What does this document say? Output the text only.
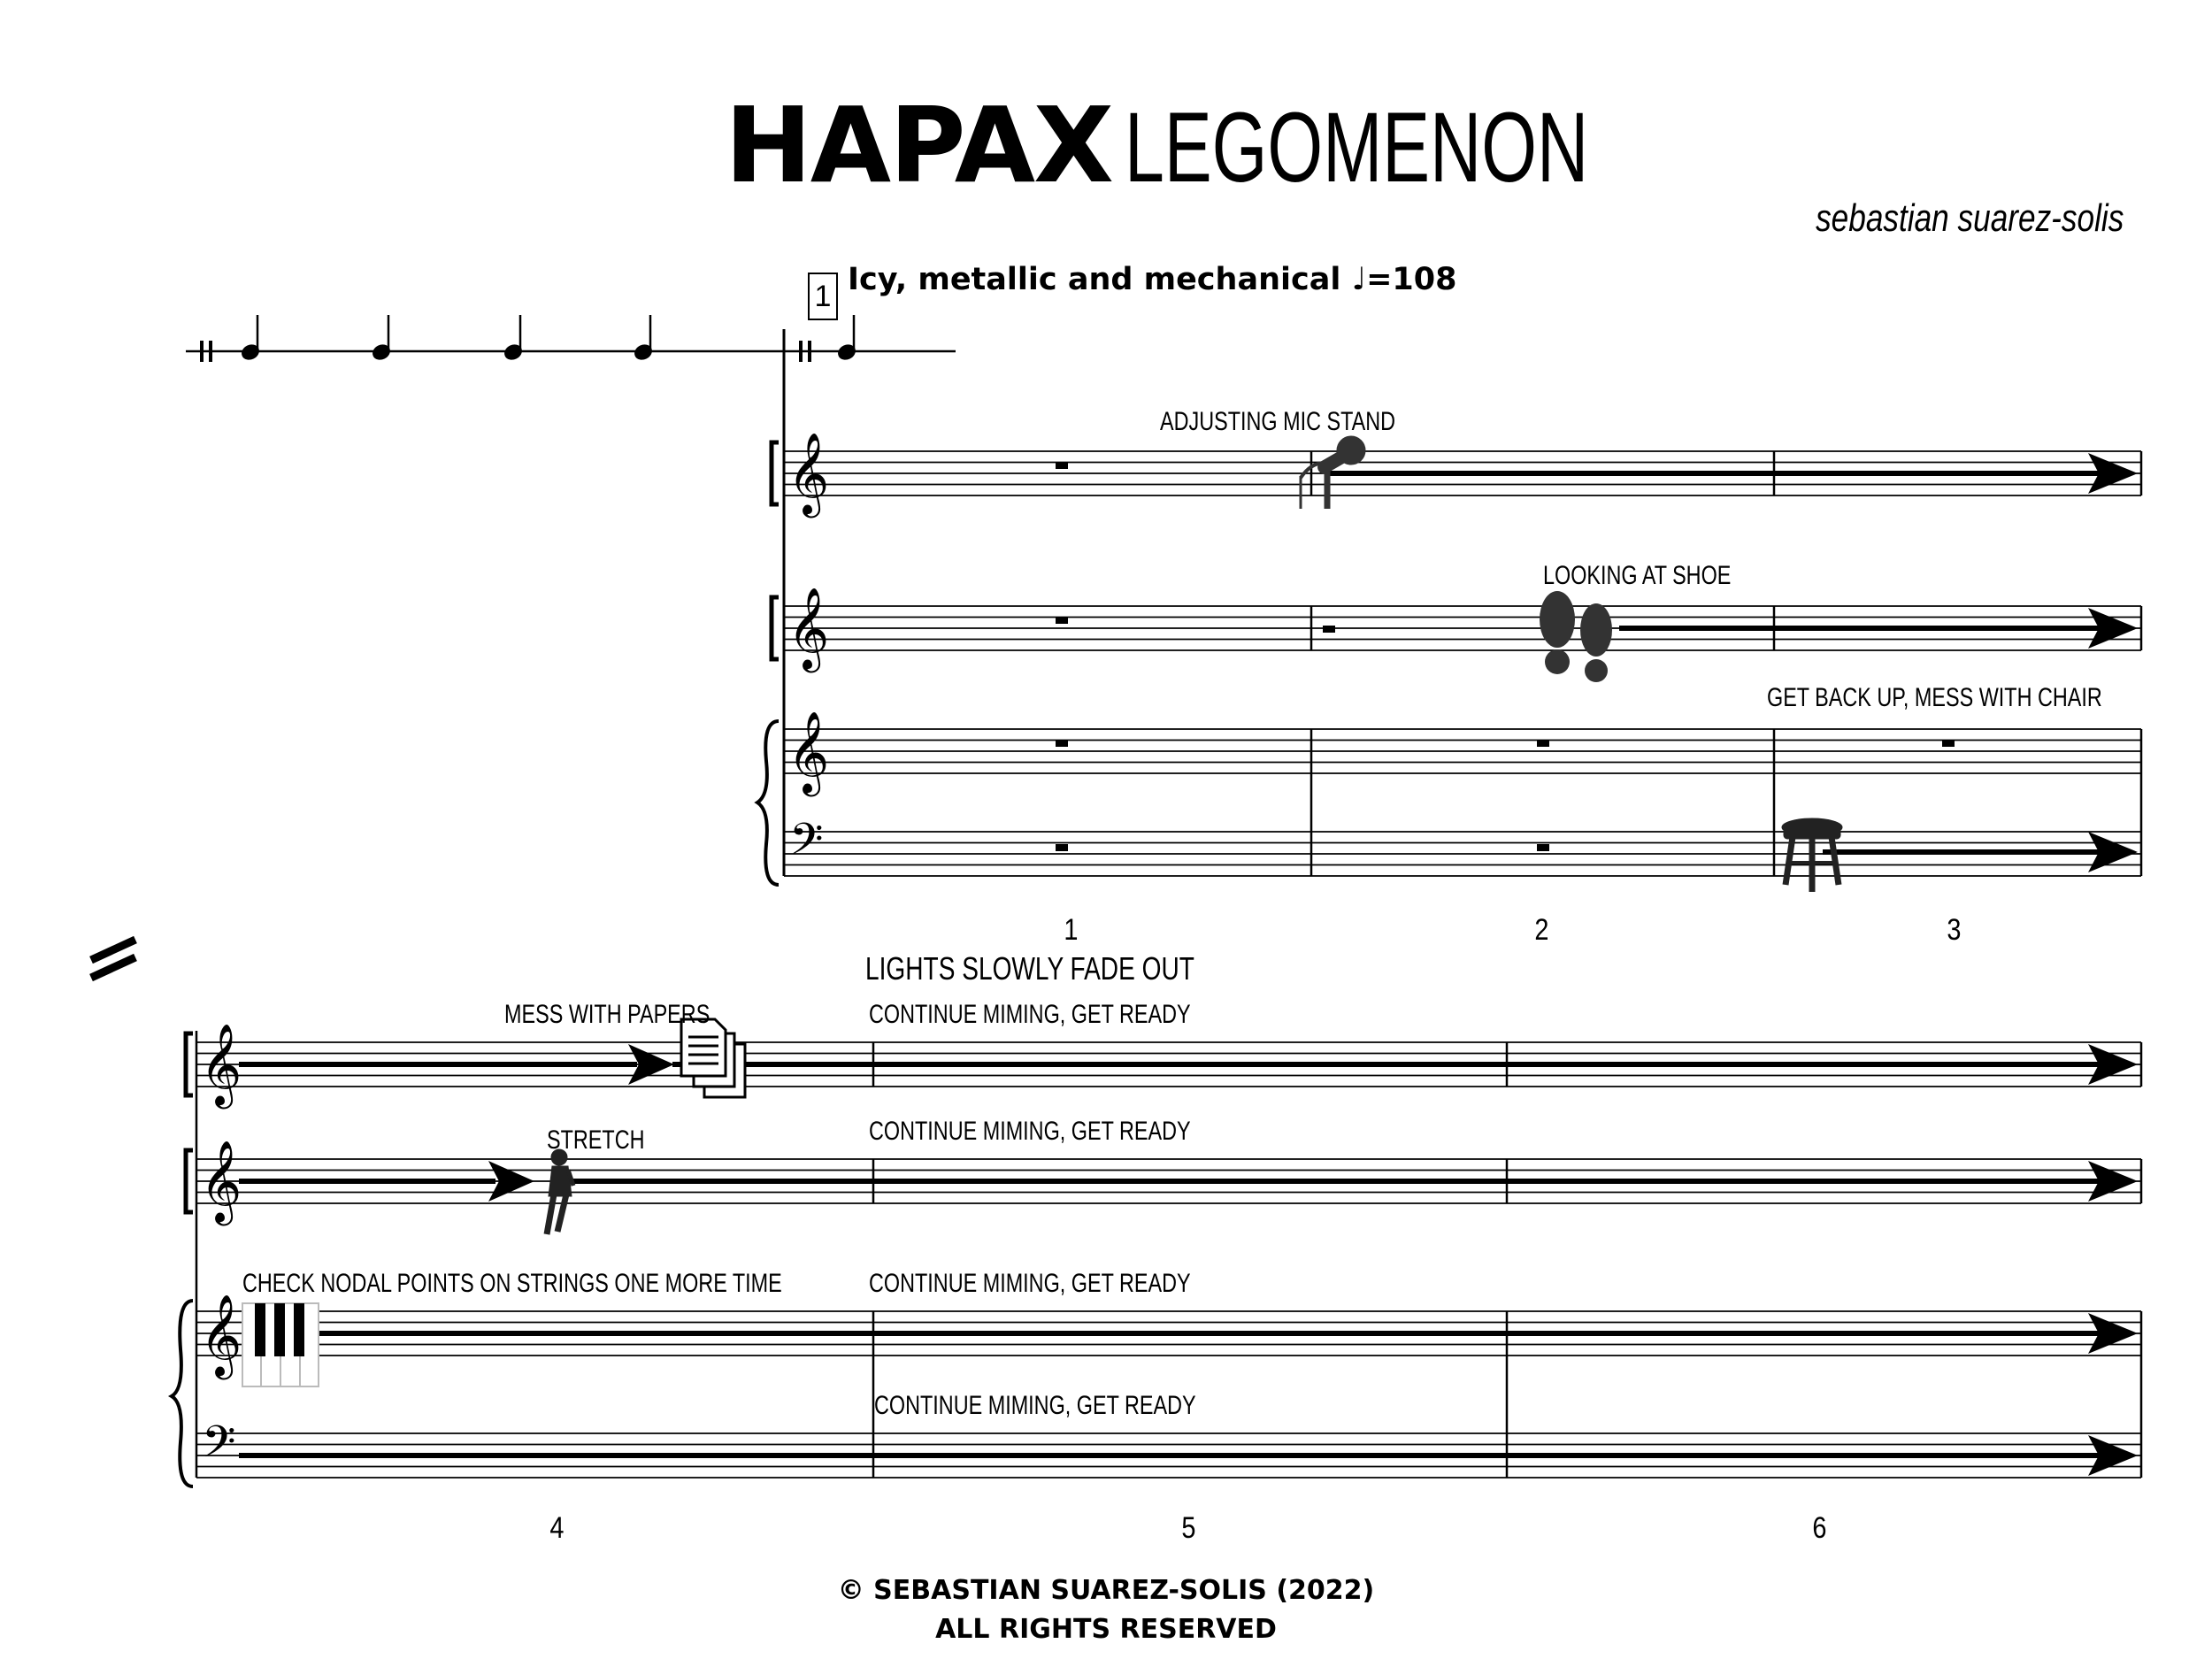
HAPAX LEGOMENON
sebastian suarez-solis
1 Icy, metallic and mechanical ♩=108
𝄞
𝄞
𝄞
𝄢
𝄞
𝄞
𝄞
𝄢
ADJUSTING MIC STAND
LOOKING AT SHOE
GET BACK UP, MESS WITH CHAIR
LIGHTS SLOWLY FADE OUT
MESS WITH PAPERS	CONTINUE MIMING, GET READY
STRETCH	CONTINUE MIMING, GET READY
CHECK NODAL POINTS ON STRINGS ONE MORE TIME	CONTINUE MIMING, GET READY
CONTINUE MIMING, GET READY
1	2	3
4	5	6
© SEBASTIAN SUAREZ-SOLIS (2022)
ALL RIGHTS RESERVED
